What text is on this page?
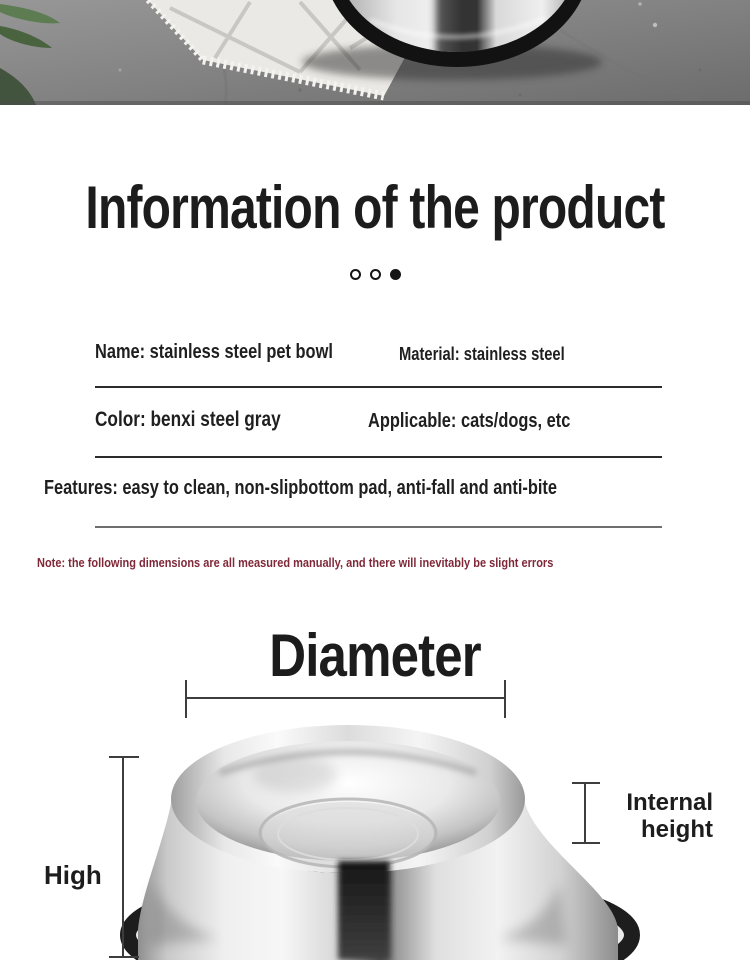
Information of the product
Name: stainless steel pet bowl	Material: stainless steel
Color: benxi steel gray	Applicable: cats/dogs, etc
Features: easy to clean, non-slipbottom pad, anti-fall and anti-bite
Note: the following dimensions are all measured manually, and there will inevitably be slight errors
Diameter
High
Internal height
